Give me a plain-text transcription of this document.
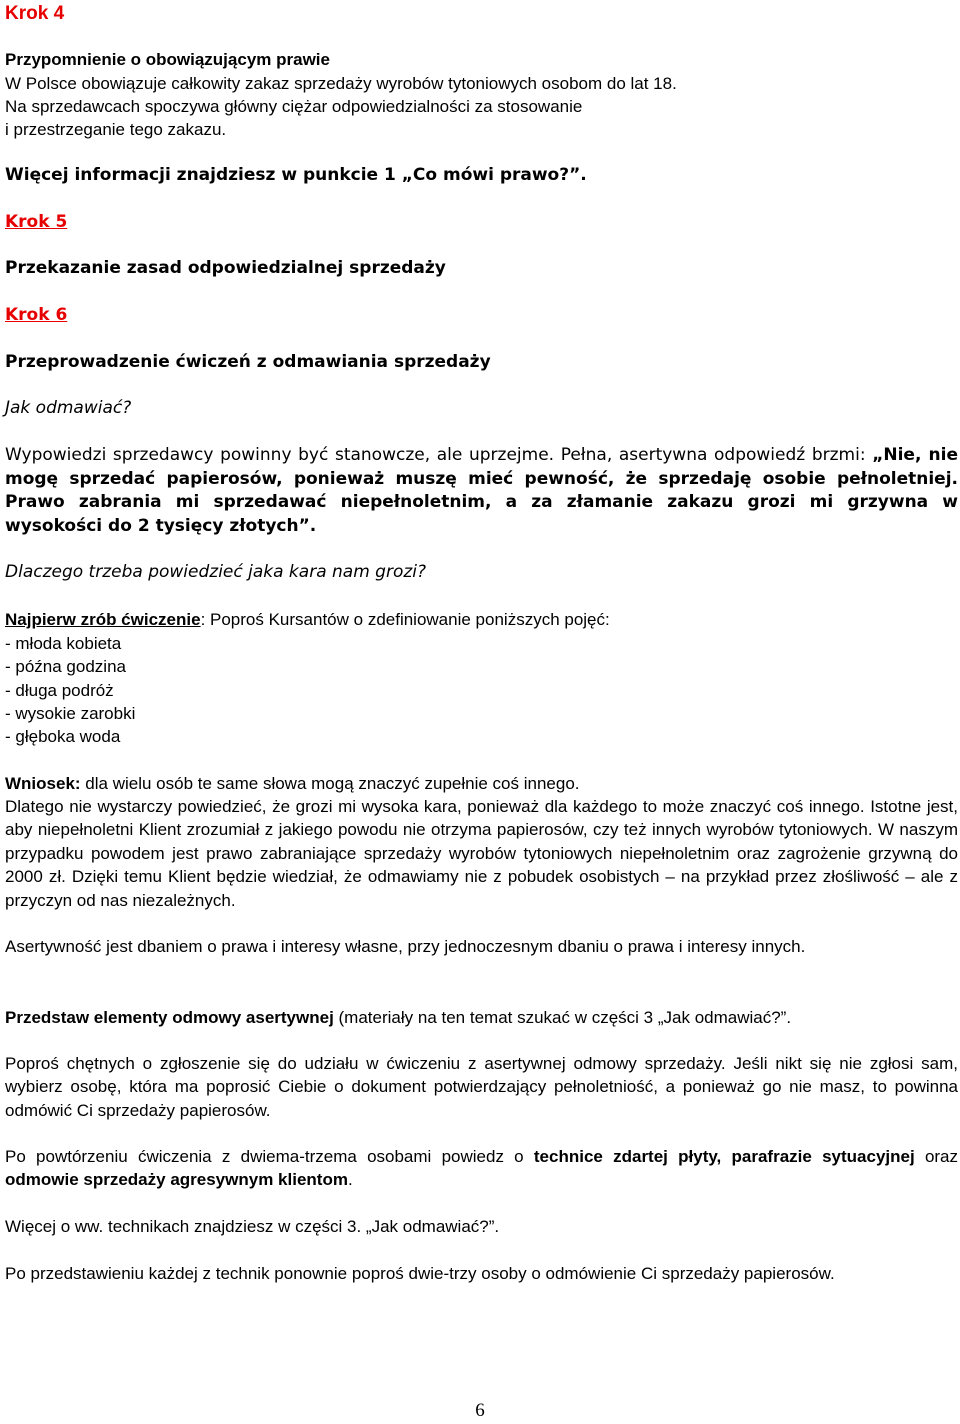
Krok 4
Przypomnienie o obowiązującym prawie
W Polsce obowiązuje całkowity zakaz sprzedaży wyrobów tytoniowych osobom do lat 18.
Na sprzedawcach spoczywa główny ciężar odpowiedzialności za stosowanie
i przestrzeganie tego zakazu.
Więcej informacji znajdziesz w punkcie 1 „Co mówi prawo?”.
Krok 5
Przekazanie zasad odpowiedzialnej sprzedaży
Krok 6
Przeprowadzenie ćwiczeń z odmawiania sprzedaży
Jak odmawiać?

Wypowiedzi sprzedawcy powinny być stanowcze, ale uprzejme. Pełna, asertywna odpowiedź brzmi: „Nie, nie mogę sprzedać papierosów, ponieważ muszę mieć pewność, że sprzedaję osobie pełnoletniej. Prawo zabrania mi sprzedawać niepełnoletnim, a za złamanie zakazu grozi mi grzywna w wysokości do 2 tysięcy złotych”.

Dlaczego trzeba powiedzieć jaka kara nam grozi?
Najpierw zrób ćwiczenie: Poproś Kursantów o zdefiniowanie poniższych pojęć:
- młoda kobieta
- późna godzina
- długa podróż
- wysokie zarobki
- głęboka woda
Wniosek: dla wielu osób te same słowa mogą znaczyć zupełnie coś innego.

Dlatego nie wystarczy powiedzieć, że grozi mi wysoka kara, ponieważ dla każdego to może znaczyć coś innego. Istotne jest, aby niepełnoletni Klient zrozumiał z jakiego powodu nie otrzyma papierosów, czy też innych wyrobów tytoniowych. W naszym przypadku powodem jest prawo zabraniające sprzedaży wyrobów tytoniowych niepełnoletnim oraz zagrożenie grzywną do 2000 zł. Dzięki temu Klient będzie wiedział, że odmawiamy nie z pobudek osobistych – na przykład przez złośliwość – ale z przyczyn od nas niezależnych.

Asertywność jest dbaniem o prawa i interesy własne, przy jednoczesnym dbaniu o prawa i interesy innych.

Przedstaw elementy odmowy asertywnej (materiały na ten temat szukać w części 3 „Jak odmawiać?”.

Poproś chętnych o zgłoszenie się do udziału w ćwiczeniu z asertywnej odmowy sprzedaży. Jeśli nikt się nie zgłosi sam, wybierz osobę, która ma poprosić Ciebie o dokument potwierdzający pełnoletniość, a ponieważ go nie masz, to powinna odmówić Ci sprzedaży papierosów.

Po powtórzeniu ćwiczenia z dwiema-trzema osobami powiedz o technice zdartej płyty, parafrazie sytuacyjnej oraz odmowie sprzedaży agresywnym klientom.

Więcej o ww. technikach znajdziesz w części 3. „Jak odmawiać?”.

Po przedstawieniu każdej z technik ponownie poproś dwie-trzy osoby o odmówienie Ci sprzedaży papierosów.

6
